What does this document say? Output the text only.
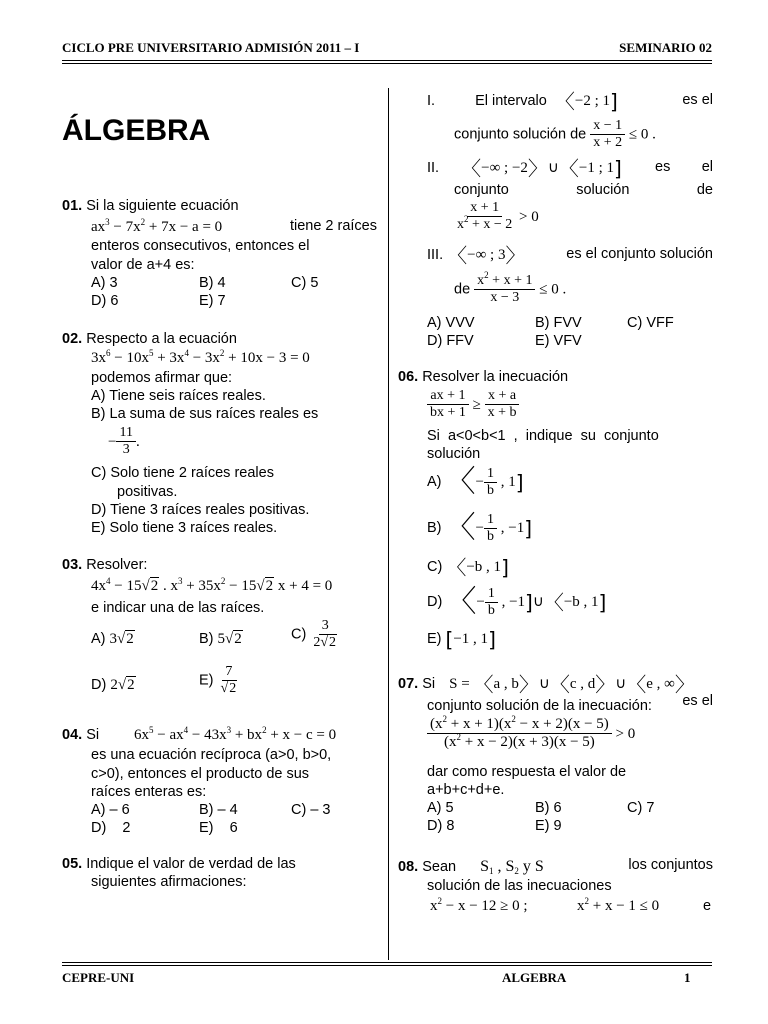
CICLO PRE UNIVERSITARIO ADMISIÓN 2011 – I	SEMINARIO 02
ÁLGEBRA
01. Si la siguiente ecuación
$ax^3 - 7x^2 + 7x - a = 0$	tiene 2 raíces
enteros consecutivos, entonces el
valor de a+4 es:
A) 3	B) 4	C) 5
D) 6	E) 7
02. Respecto a la ecuación
$3x^6 - 10x^5 + 3x^4 - 3x^2 + 10x - 3 = 0$
podemos afirmar que:
A) Tiene seis raíces reales.
B) La suma de sus raíces reales es
− $\frac{11}{3}$ .
C) Solo tiene 2 raíces reales
positivas.
D) Tiene 3 raíces reales positivas.
E) Solo tiene 3 raíces reales.
03. Resolver:
$4x^4 - 15√2$ . $x^3 + 35x^2 - 15√2$ x + 4 = 0
e indicar una de las raíces.
A) 3√2	B) 5√2	$C) \frac{3}{2√2}$
D) 2√2	$E) \frac{7}{√2}$
04. Si $6x^5 - ax^4 - 43x^3 + bx^2 + x - c = 0$
es una ecuación recíproca (a>0, b>0,
c>0), entonces el producto de sus
raíces enteras es:
A) – 6	B) – 4	C) – 3
D)    2	E)    6
05. Indique el valor de verdad de las
siguientes afirmaciones:
I.	El intervalo 〈−2 ; 1]	es el
conjunto solución de $\frac{x - 1}{x + 2} \le 0$ .
II. 〈−∞ ; −2〉∪〈−1 ; 1] es el
conjunto	solución	de
$\frac{x + 1}{x^2 + x - 2} > 0$
III. 〈−∞ ; 3〉	es el conjunto solución
de $\frac{x^2 + x + 1}{x - 3} \le 0$ .
A) VVV	B) FVV	C) VFF
D) FFV	E) VFV
06. Resolver la inecuación
$\frac{ax + 1}{bx + 1} \ge \frac{x + a}{x + b}$
Si  a<0<b<1  ,  indique  su  conjunto
solución
A) 〈− $\frac{1}{b}$ , 1]
B) 〈− $\frac{1}{b}$ , −1]
C) 〈−b , 1]
D) 〈− $\frac{1}{b}$ , −1]∪〈−b , 1]
E) [−1 , 1]
07. Si S = 〈a , b〉∪〈c , d〉∪〈e , ∞〉
es el
conjunto solución de la inecuación:
$\frac{(x^2 + x + 1)(x^2 - x + 2)(x - 5)}{(x^2 + x - 2)(x + 3)(x - 5)} > 0$
dar como respuesta el valor de
a+b+c+d+e.
A) 5	B) 6	C) 7
D) 8	E) 9
08. Sean $S_1$ , $S_2$ y S	los conjuntos
solución de las inecuaciones
$x^2 - x - 12 \ge 0$ ;	$x^2 + x - 1 \le 0$	e
CEPRE-UNI	ALGEBRA	1
